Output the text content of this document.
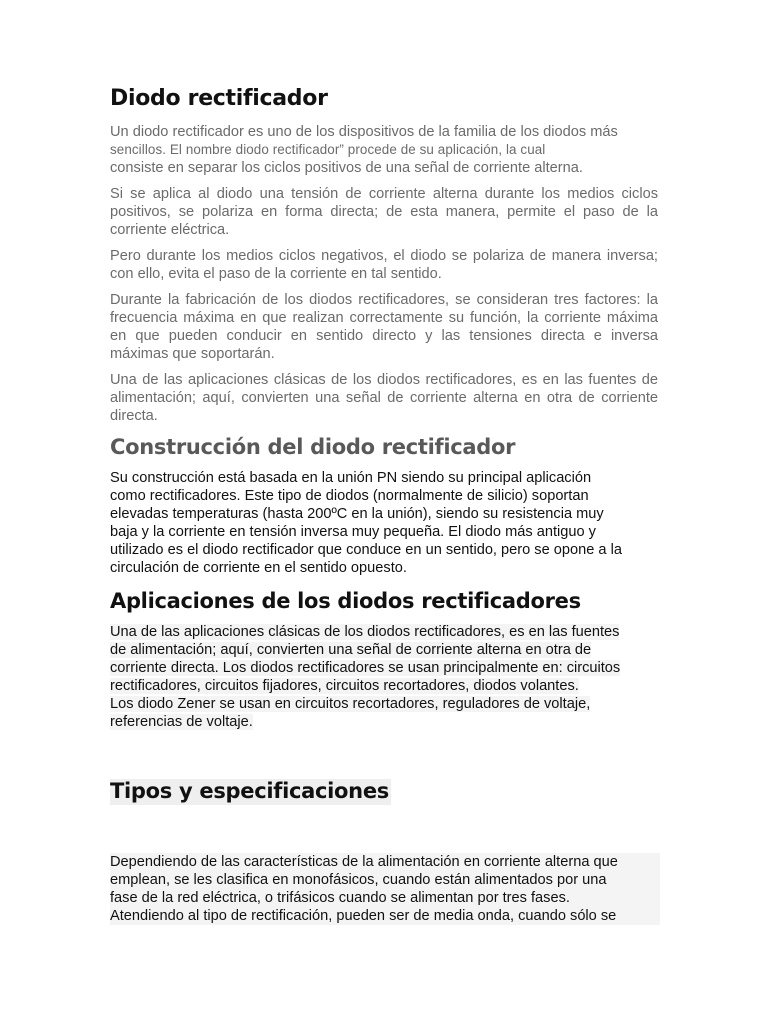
Diodo rectificador

Un diodo rectificador es uno de los dispositivos de la familia de los diodos más
sencillos. El nombre diodo rectificador” procede de su aplicación, la cual
consiste en separar los ciclos positivos de una señal de corriente alterna.

Si se aplica al diodo una tensión de corriente alterna durante los medios ciclos positivos, se polariza en forma directa; de esta manera, permite el paso de la corriente eléctrica.

Pero durante los medios ciclos negativos, el diodo se polariza de manera inversa; con ello, evita el paso de la corriente en tal sentido.

Durante la fabricación de los diodos rectificadores, se consideran tres factores: la frecuencia máxima en que realizan correctamente su función, la corriente máxima en que pueden conducir en sentido directo y las tensiones directa e inversa máximas que soportarán.

Una de las aplicaciones clásicas de los diodos rectificadores, es en las fuentes de alimentación; aquí, convierten una señal de corriente alterna en otra de corriente directa.

Construcción del diodo rectificador

Su construcción está basada en la unión PN siendo su principal aplicación
como rectificadores. Este tipo de diodos (normalmente de silicio) soportan
elevadas temperaturas (hasta 200ºC en la unión), siendo su resistencia muy
baja y la corriente en tensión inversa muy pequeña. El diodo más antiguo y
utilizado es el diodo rectificador que conduce en un sentido, pero se opone a la
circulación de corriente en el sentido opuesto.

Aplicaciones de los diodos rectificadores

Una de las aplicaciones clásicas de los diodos rectificadores, es en las fuentes
de alimentación; aquí, convierten una señal de corriente alterna en otra de
corriente directa. Los diodos rectificadores se usan principalmente en: circuitos
rectificadores, circuitos fijadores, circuitos recortadores, diodos volantes.
Los diodo Zener se usan en circuitos recortadores, reguladores de voltaje,
referencias de voltaje.

Tipos y especificaciones

Dependiendo de las características de la alimentación en corriente alterna que
emplean, se les clasifica en monofásicos, cuando están alimentados por una
fase de la red eléctrica, o trifásicos cuando se alimentan por tres fases.
Atendiendo al tipo de rectificación, pueden ser de media onda, cuando sólo se
